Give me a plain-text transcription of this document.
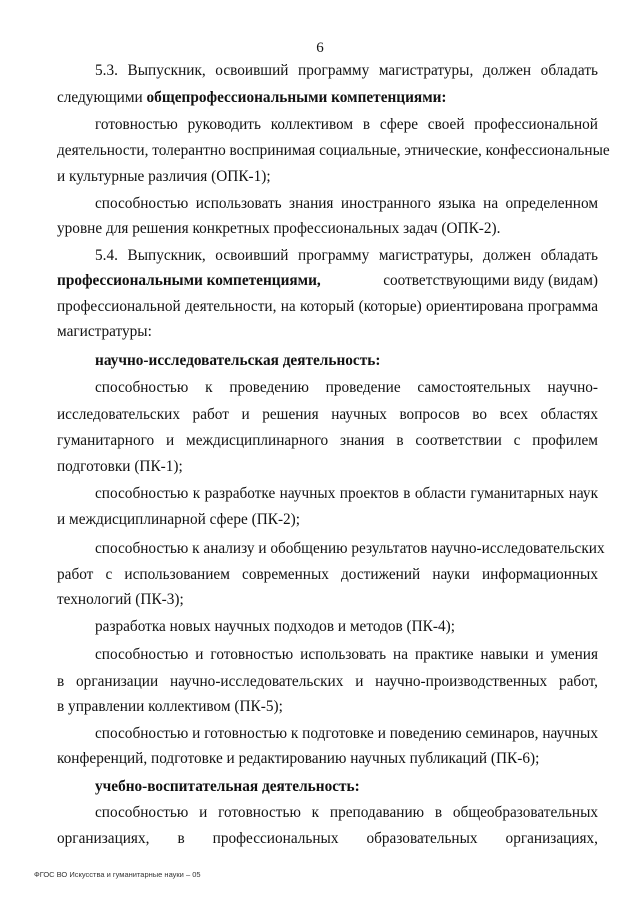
6
5.3. Выпускник, освоивший программу магистратуры, должен обладать
следующими общепрофессиональными компетенциями:
готовностью руководить коллективом в сфере своей профессиональной
деятельности, толерантно воспринимая социальные, этнические, конфессиональные
и культурные различия (ОПК-1);
способностью использовать знания иностранного языка на определенном
уровне для решения конкретных профессиональных задач (ОПК-2).
5.4. Выпускник, освоивший программу магистратуры, должен обладать
профессиональными компетенциями,	соответствующими виду (видам)
профессиональной деятельности, на который (которые) ориентирована программа
магистратуры:
научно-исследовательская деятельность:
способностью к проведению проведение самостоятельных научно-
исследовательских работ и решения научных вопросов во всех областях
гуманитарного и междисциплинарного знания в соответствии с профилем
подготовки (ПК-1);
способностью к разработке научных проектов в области гуманитарных наук
и междисциплинарной сфере (ПК-2);
способностью к анализу и обобщению результатов научно-исследовательских
работ с использованием современных достижений науки информационных
технологий (ПК-3);
разработка новых научных подходов и методов (ПК-4);
способностью и готовностью использовать на практике навыки и умения
в организации научно-исследовательских и научно-производственных работ,
в управлении коллективом (ПК-5);
способностью и готовностью к подготовке и поведению семинаров, научных
конференций, подготовке и редактированию научных публикаций (ПК-6);
учебно-воспитательная деятельность:
способностью и готовностью к преподаванию в общеобразовательных
организациях, в профессиональных образовательных организациях,
ФГОС ВО Искусства и гуманитарные науки – 05
